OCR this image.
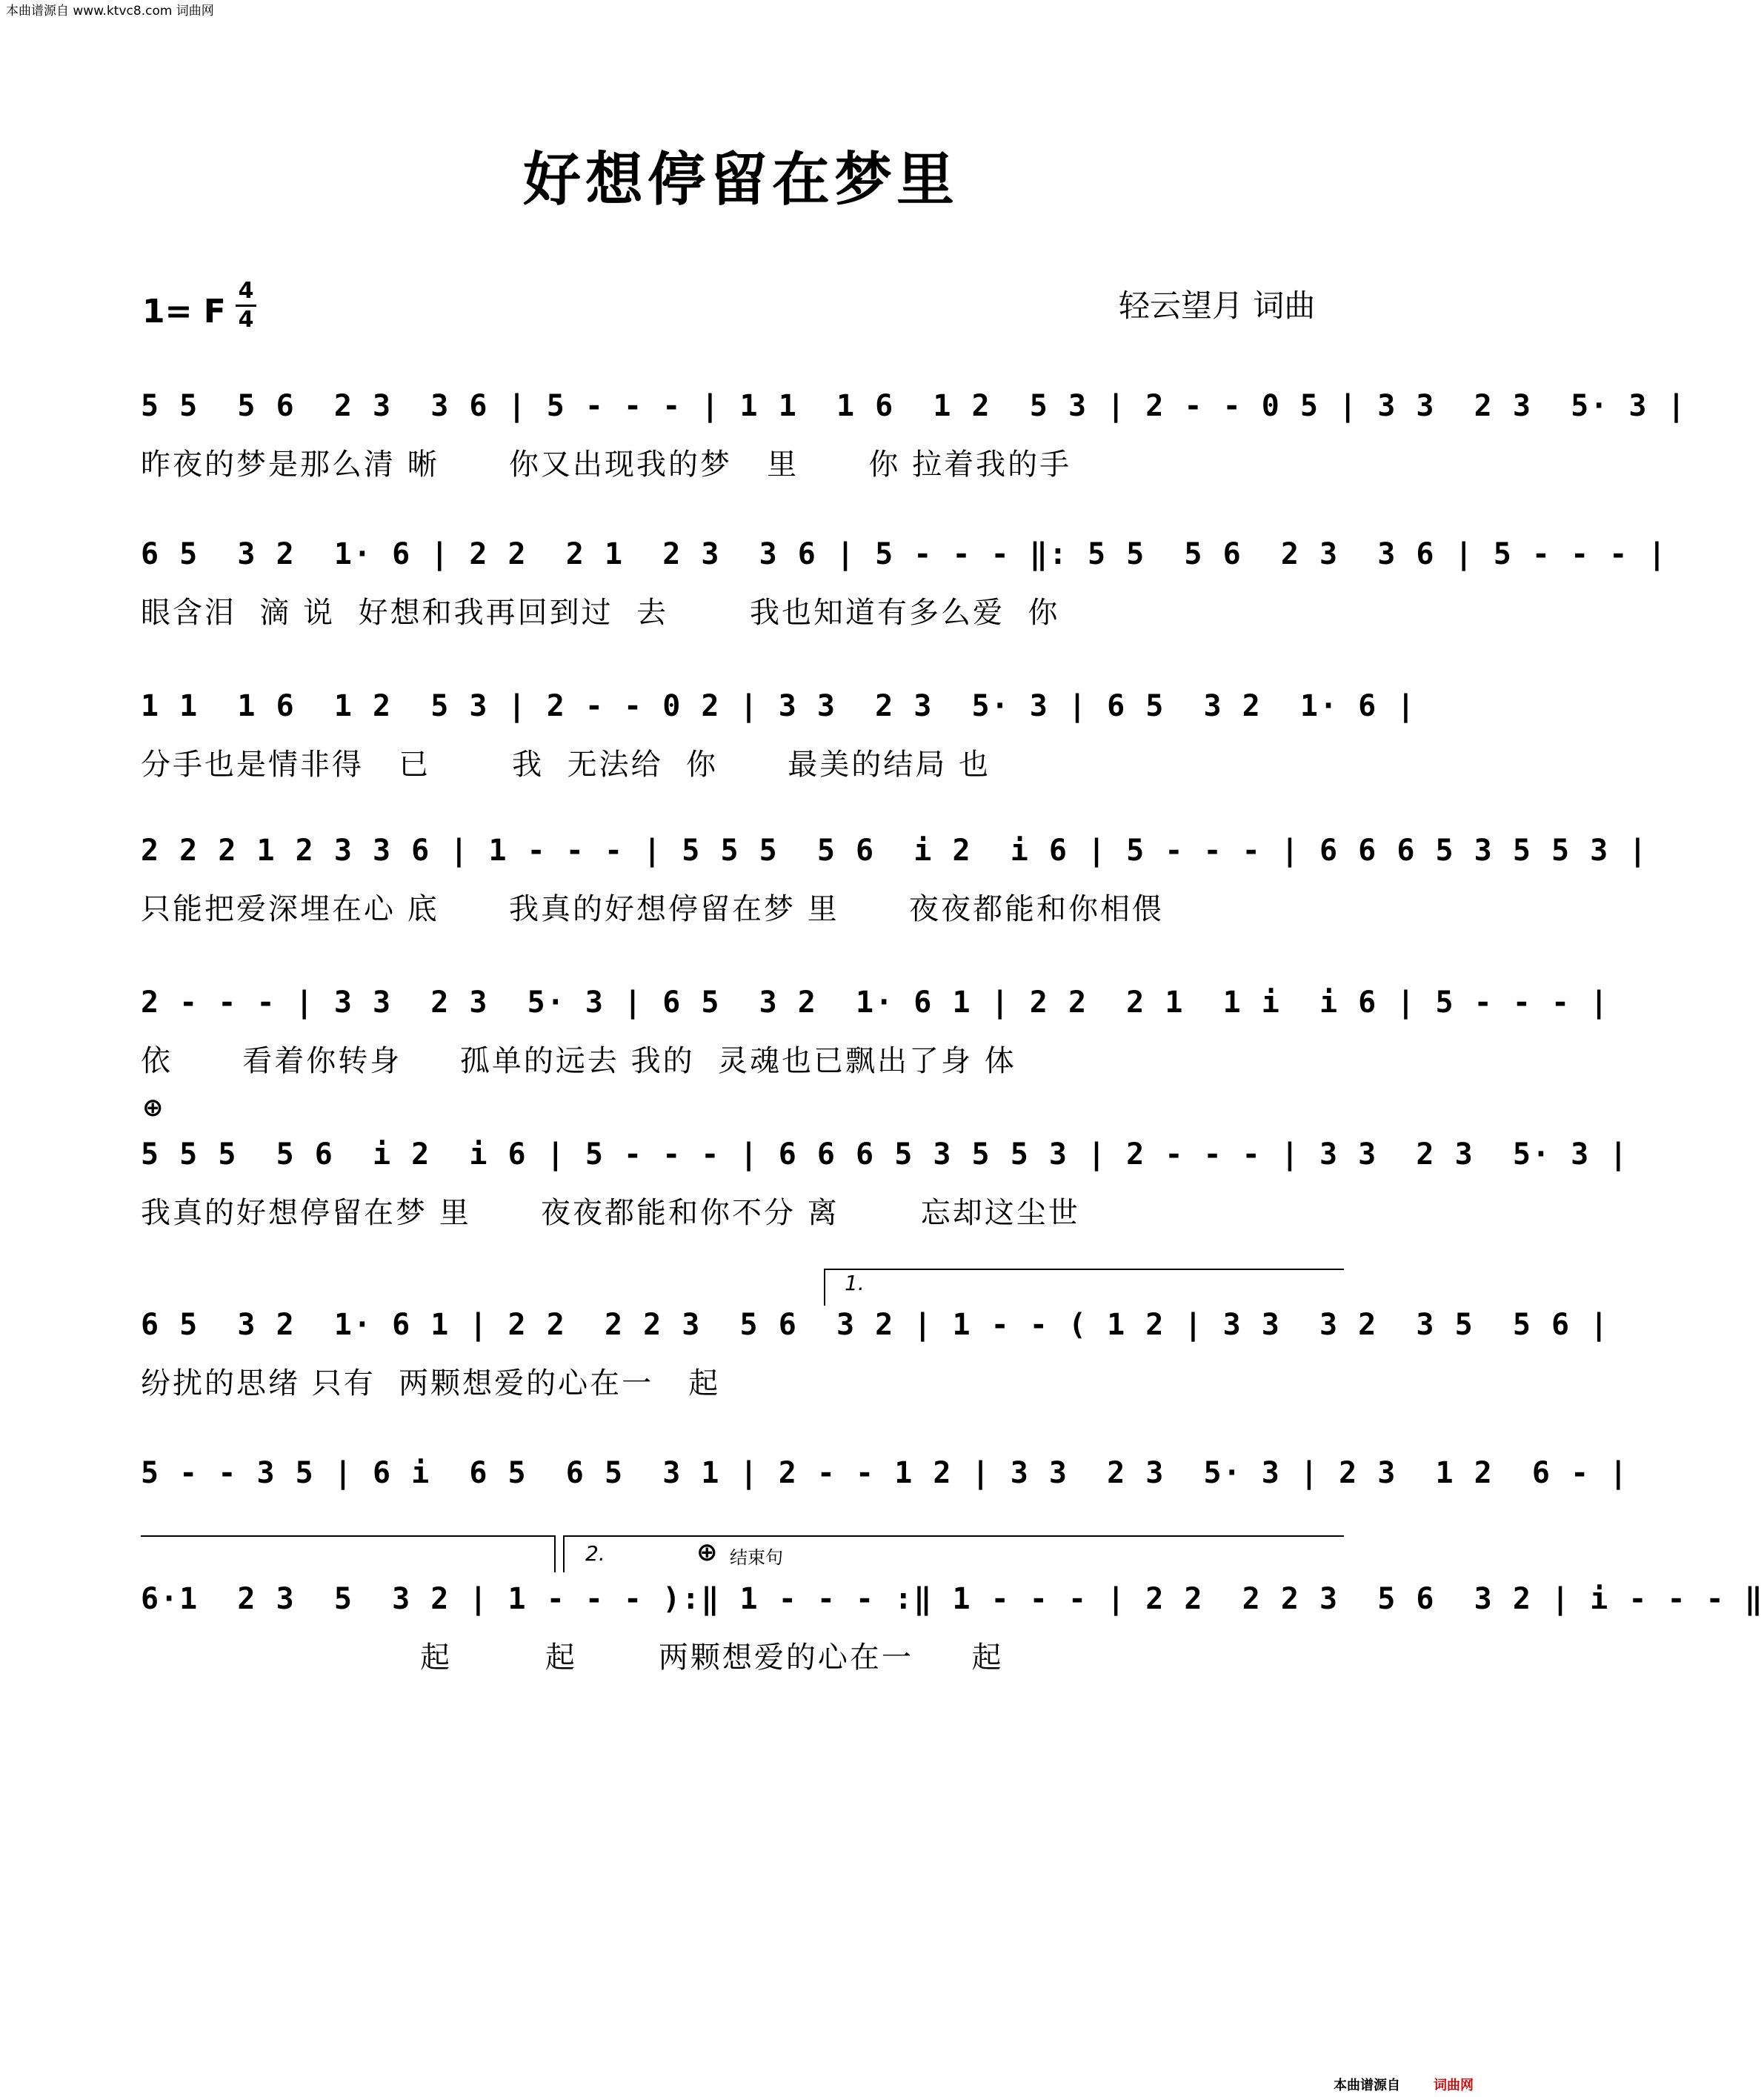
本曲谱源自 www.ktvc8.com 词曲网
好想停留在梦里
1= F
4
4	轻云望月 词曲
5 5  5 6  2 3  3 6 | 5 - - - | 1 1  1 6  1 2  5 3 | 2 - - 0 5 | 3 3  2 3  5· 3 |
昨夜的梦是那么清 晰      你又出现我的梦   里      你 拉着我的手
6 5  3 2  1· 6 | 2 2  2 1  2 3  3 6 | 5 - - - ‖: 5 5  5 6  2 3  3 6 | 5 - - - |
眼含泪  滴 说  好想和我再回到过  去       我也知道有多么爱  你
1 1  1 6  1 2  5 3 | 2 - - 0 2 | 3 3  2 3  5· 3 | 6 5  3 2  1· 6 |
分手也是情非得   已       我  无法给  你      最美的结局 也
2 2 2 1 2 3 3 6 | 1 - - - | 5 5 5  5 6  i 2  i 6 | 5 - - - | 6 6 6 5 3 5 5 3 |
只能把爱深埋在心 底      我真的好想停留在梦 里      夜夜都能和你相偎
2 - - - | 3 3  2 3  5· 3 | 6 5  3 2  1· 6 1 | 2 2  2 1  1 i  i 6 | 5 - - - |
依      看着你转身     孤单的远去 我的  灵魂也已飘出了身 体
⊕
5 5 5  5 6  i 2  i 6 | 5 - - - | 6 6 6 5 3 5 5 3 | 2 - - - | 3 3  2 3  5· 3 |
我真的好想停留在梦 里      夜夜都能和你不分 离       忘却这尘世
1.
6 5  3 2  1· 6 1 | 2 2  2 2 3  5 6  3 2 | 1 - - ( 1 2 | 3 3  3 2  3 5  5 6 |
纷扰的思绪 只有  两颗想爱的心在一   起
5 - - 3 5 | 6 i  6 5  6 5  3 1 | 2 - - 1 2 | 3 3  2 3  5· 3 | 2 3  1 2  6 - |
2.	⊕ 结束句
6·1  2 3  5  3 2 | 1 - - - ):‖ 1 - - - :‖ 1 - - - | 2 2  2 2 3  5 6  3 2 | i - - - ‖
起        起       两颗想爱的心在一     起
本曲谱源自	词曲网
